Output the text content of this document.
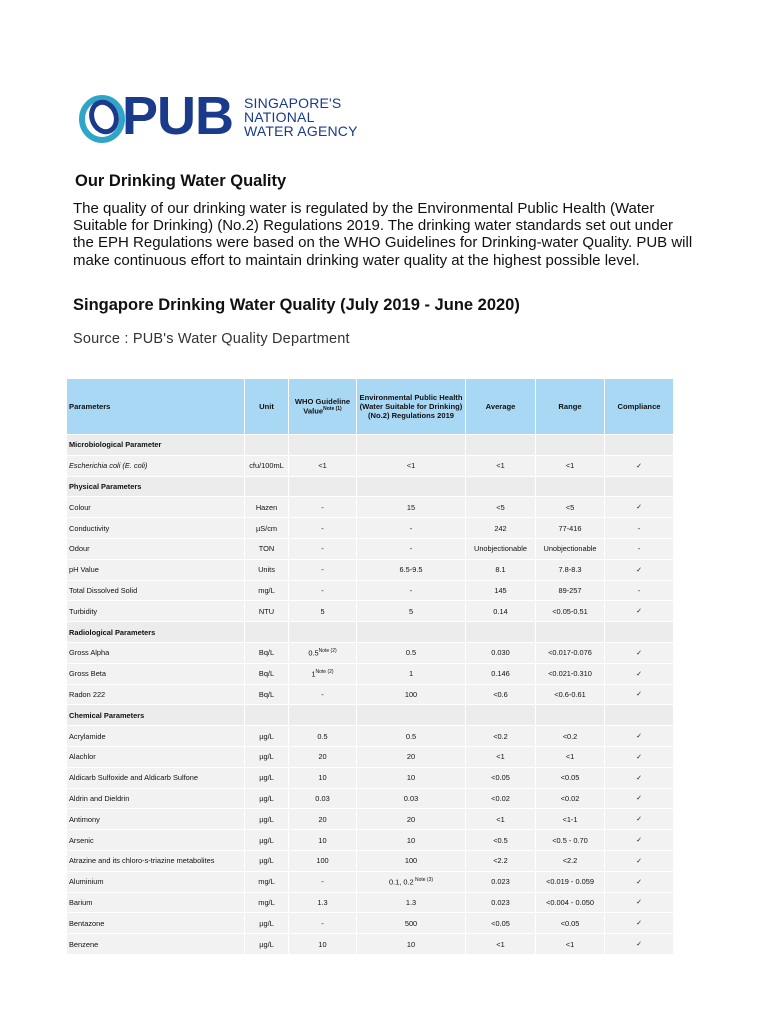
PUB SINGAPORE'S
NATIONAL
WATER AGENCY
Our Drinking Water Quality
The quality of our drinking water is regulated by the Environmental Public Health (Water Suitable for Drinking) (No.2) Regulations 2019. The drinking water standards set out under the EPH Regulations were based on the WHO Guidelines for Drinking-water Quality. PUB will make continuous effort to maintain drinking water quality at the highest possible level.
Singapore Drinking Water Quality (July 2019 - June 2020)
Source : PUB's Water Quality Department
Parameters	Unit	WHO Guideline Value$^{Note (1)}$	Environmental Public Health (Water Suitable for Drinking) (No.2) Regulations 2019	Average	Range	Compliance
Microbiological Parameter						
Escherichia coli (E. coli)	cfu/100mL	<1	<1	<1	<1	✓
Physical Parameters						
Colour	Hazen	-	15	<5	<5	✓
Conductivity	µS/cm	-	-	242	77-416	-
Odour	TON	-	-	Unobjectionable	Unobjectionable	-
pH Value	Units	-	6.5-9.5	8.1	7.8-8.3	✓
Total Dissolved Solid	mg/L	-	-	145	89-257	-
Turbidity	NTU	5	5	0.14	<0.05-0.51	✓
Radiological Parameters						
Gross Alpha	Bq/L	$0.5^{Note (2)}$	0.5	0.030	<0.017-0.076	✓
Gross Beta	Bq/L	$1^{Note (2)}$	1	0.146	<0.021-0.310	✓
Radon 222	Bq/L	-	100	<0.6	<0.6-0.61	✓
Chemical Parameters						
Acrylamide	µg/L	0.5	0.5	<0.2	<0.2	✓
Alachlor	µg/L	20	20	<1	<1	✓
Aldicarb Sulfoxide and Aldicarb Sulfone	µg/L	10	10	<0.05	<0.05	✓
Aldrin and Dieldrin	µg/L	0.03	0.03	<0.02	<0.02	✓
Antimony	µg/L	20	20	<1	<1-1	✓
Arsenic	µg/L	10	10	<0.5	<0.5 - 0.70	✓
Atrazine and its chloro-s-triazine metabolites	µg/L	100	100	<2.2	<2.2	✓
Aluminium	mg/L	-	0.1, 0.2 $^{Note (3)}$	0.023	<0.019 - 0.059	✓
Barium	mg/L	1.3	1.3	0.023	<0.004 - 0.050	✓
Bentazone	µg/L	-	500	<0.05	<0.05	✓
Benzene	µg/L	10	10	<1	<1	✓
